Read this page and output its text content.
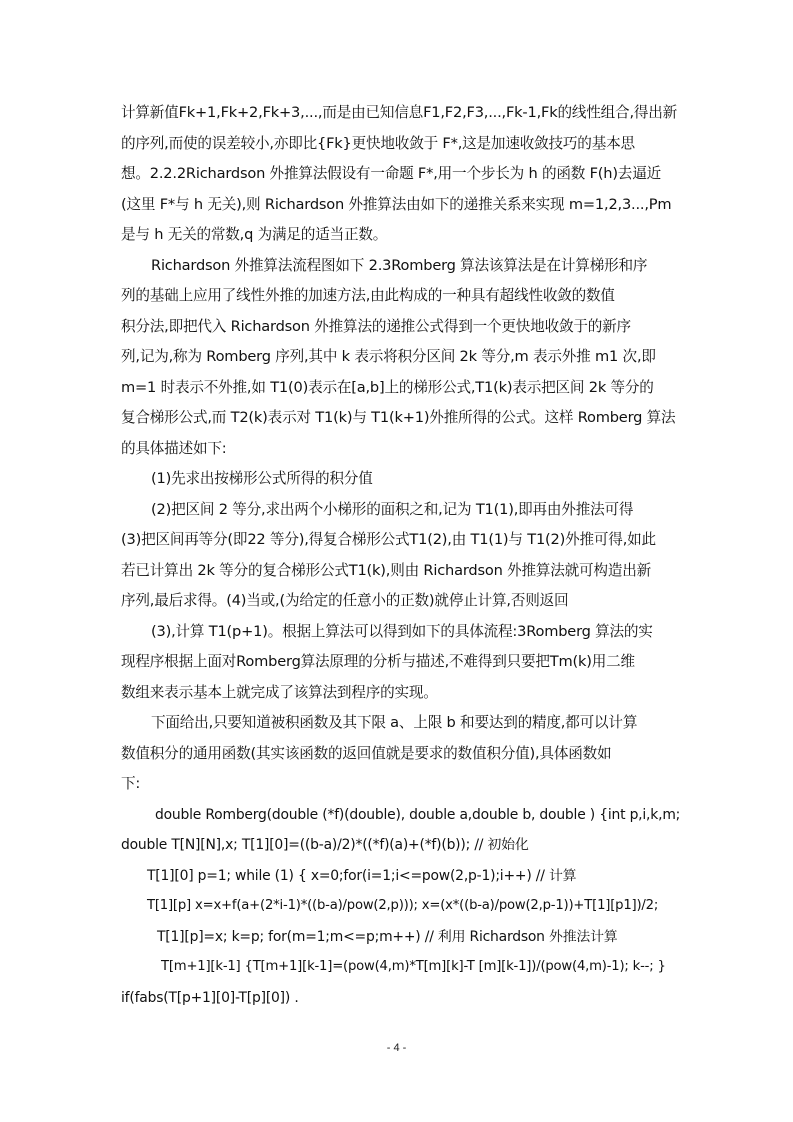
计算新值Fk+1,Fk+2,Fk+3,...,而是由已知信息F1,F2,F3,...,Fk-1,Fk的线性组合,得出新
的序列,而使的误差较小,亦即比{Fk}更快地收敛于 F*,这是加速收敛技巧的基本思
想。2.2.2Richardson 外推算法假设有一命题 F*,用一个步长为 h 的函数 F(h)去逼近
(这里 F*与 h 无关),则 Richardson 外推算法由如下的递推关系来实现 m=1,2,3...,Pm
是与 h 无关的常数,q 为满足的适当正数。
Richardson 外推算法流程图如下 2.3Romberg 算法该算法是在计算梯形和序
列的基础上应用了线性外推的加速方法,由此构成的一种具有超线性收敛的数值
积分法,即把代入 Richardson 外推算法的递推公式得到一个更快地收敛于的新序
列,记为,称为 Romberg 序列,其中 k 表示将积分区间 2k 等分,m 表示外推 m1 次,即
m=1 时表示不外推,如 T1(0)表示在[a,b]上的梯形公式,T1(k)表示把区间 2k 等分的
复合梯形公式,而 T2(k)表示对 T1(k)与 T1(k+1)外推所得的公式。这样 Romberg 算法
的具体描述如下:
(1)先求出按梯形公式所得的积分值
(2)把区间 2 等分,求出两个小梯形的面积之和,记为 T1(1),即再由外推法可得
(3)把区间再等分(即22 等分),得复合梯形公式T1(2),由 T1(1)与 T1(2)外推可得,如此
若已计算出 2k 等分的复合梯形公式T1(k),则由 Richardson 外推算法就可构造出新
序列,最后求得。(4)当或,(为给定的任意小的正数)就停止计算,否则返回
(3),计算 T1(p+1)。根据上算法可以得到如下的具体流程:3Romberg 算法的实
现程序根据上面对Romberg算法原理的分析与描述,不难得到只要把Tm(k)用二维
数组来表示基本上就完成了该算法到程序的实现。
下面给出,只要知道被积函数及其下限 a、上限 b 和要达到的精度,都可以计算
数值积分的通用函数(其实该函数的返回值就是要求的数值积分值),具体函数如
下:
double Romberg(double (*f)(double), double a,double b, double ) {int p,i,k,m;
double T[N][N],x; T[1][0]=((b-a)/2)*((*f)(a)+(*f)(b)); // 初始化
T[1][0] p=1; while (1) { x=0;for(i=1;i<=pow(2,p-1);i++) // 计算
T[1][p] x=x+f(a+(2*i-1)*((b-a)/pow(2,p))); x=(x*((b-a)/pow(2,p-1))+T[1][p1])/2;
T[1][p]=x; k=p; for(m=1;m<=p;m++) // 利用 Richardson 外推法计算
T[m+1][k-1] {T[m+1][k-1]=(pow(4,m)*T[m][k]-T [m][k-1])/(pow(4,m)-1); k--; }
if(fabs(T[p+1][0]-T[p][0]) .
- 4 -
